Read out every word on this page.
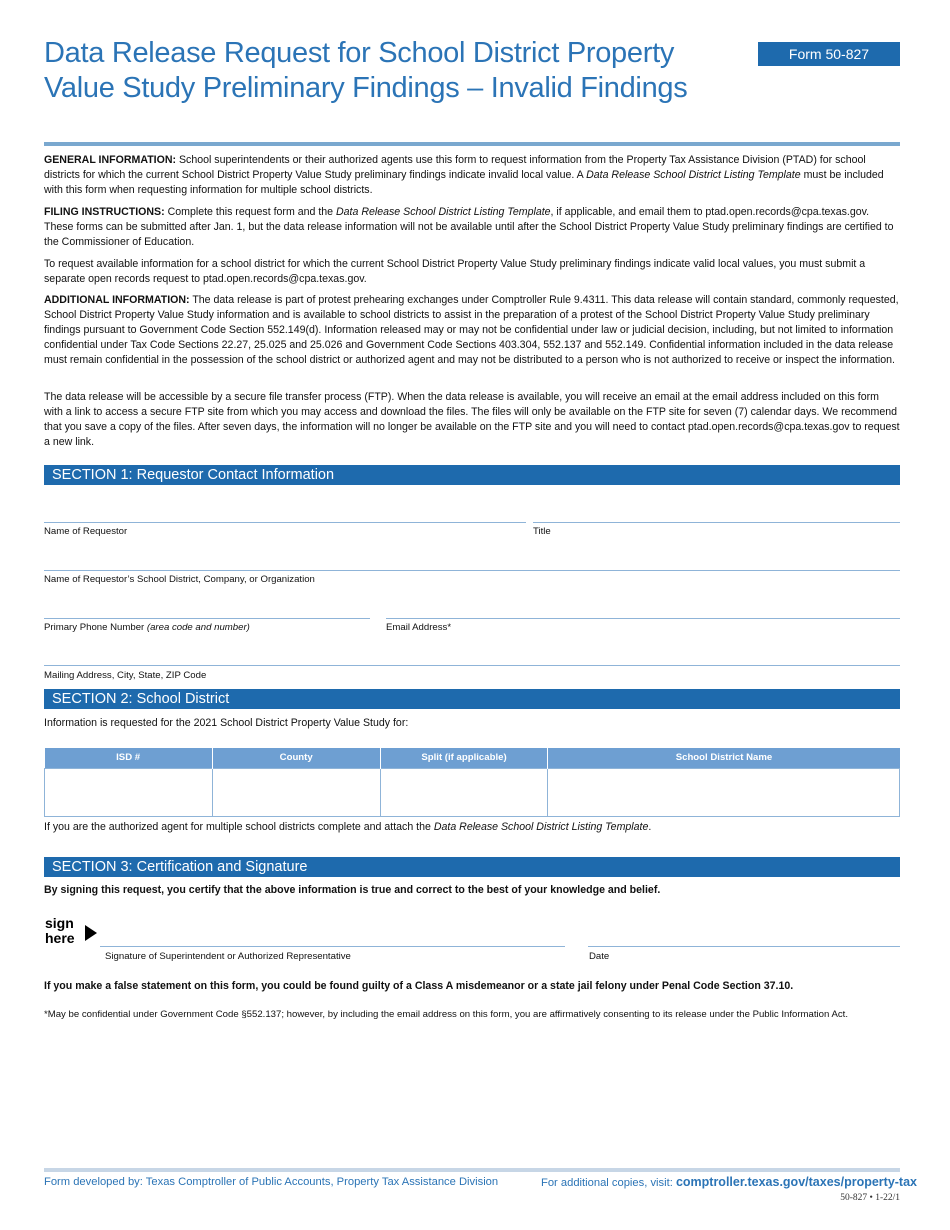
Data Release Request for School District Property Value Study Preliminary Findings – Invalid Findings
Form 50-827

GENERAL INFORMATION: School superintendents or their authorized agents use this form to request information from the Property Tax Assistance Division (PTAD) for school districts for which the current School District Property Value Study preliminary findings indicate invalid local value. A Data Release School District Listing Template must be included with this form when requesting information for multiple school districts.

FILING INSTRUCTIONS: Complete this request form and the Data Release School District Listing Template, if applicable, and email them to ptad.open.records@cpa.texas.gov. These forms can be submitted after Jan. 1, but the data release information will not be available until after the School District Property Value Study preliminary findings are certified to the Commissioner of Education.

To request available information for a school district for which the current School District Property Value Study preliminary findings indicate valid local values, you must submit a separate open records request to ptad.open.records@cpa.texas.gov.

ADDITIONAL INFORMATION: The data release is part of protest prehearing exchanges under Comptroller Rule 9.4311. This data release will contain standard, commonly requested, School District Property Value Study information and is available to school districts to assist in the preparation of a protest of the School District Property Value Study preliminary findings pursuant to Government Code Section 552.149(d). Information released may or may not be confidential under law or judicial decision, including, but not limited to information confidential under Tax Code Sections 22.27, 25.025 and 25.026 and Government Code Sections 403.304, 552.137 and 552.149. Confidential information included in the data release must remain confidential in the possession of the school district or authorized agent and may not be distributed to a person who is not authorized to receive or inspect the information.

The data release will be accessible by a secure file transfer process (FTP). When the data release is available, you will receive an email at the email address included on this form with a link to access a secure FTP site from which you may access and download the files. The files will only be available on the FTP site for seven (7) calendar days. We recommend that you save a copy of the files. After seven days, the information will no longer be available on the FTP site and you will need to contact ptad.open.records@cpa.texas.gov to request a new link.

SECTION 1: Requestor Contact Information
Name of Requestor	Title
Name of Requestor’s School District, Company, or Organization
Primary Phone Number (area code and number)	Email Address*
Mailing Address, City, State, ZIP Code
SECTION 2: School District

Information is requested for the 2021 School District Property Value Study for:

ISD #	County	Split (if applicable)	School District Name

If you are the authorized agent for multiple school districts complete and attach the Data Release School District Listing Template.

SECTION 3: Certification and Signature

By signing this request, you certify that the above information is true and correct to the best of your knowledge and belief.

sign
here
Signature of Superintendent or Authorized Representative	Date

If you make a false statement on this form, you could be found guilty of a Class A misdemeanor or a state jail felony under Penal Code Section 37.10.

*May be confidential under Government Code §552.137; however, by including the email address on this form, you are affirmatively consenting to its release under the Public Information Act.

Form developed by: Texas Comptroller of Public Accounts, Property Tax Assistance Division	For additional copies, visit: comptroller.texas.gov/taxes/property-tax
50-827 • 1-22/1
